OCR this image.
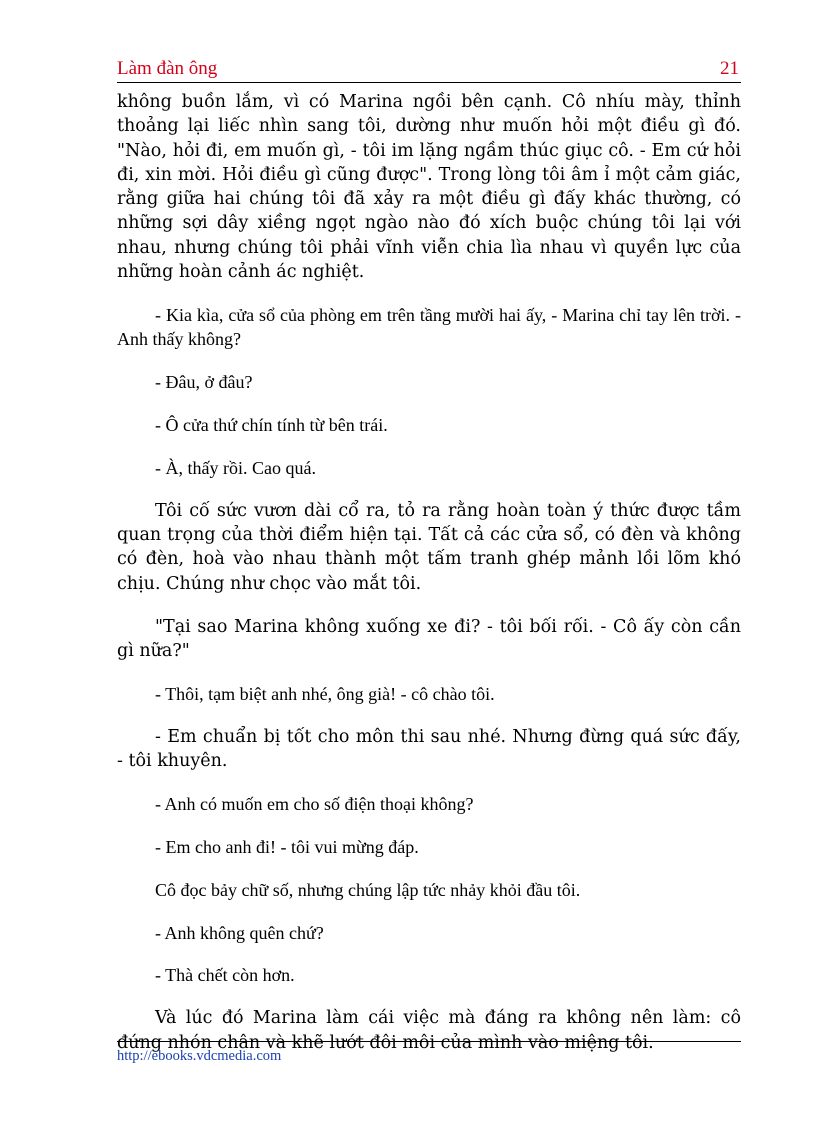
Làm đàn ông	21

không buồn lắm, vì có Marina ngồi bên cạnh. Cô nhíu mày, thỉnh thoảng lại liếc nhìn sang tôi, dường như muốn hỏi một điều gì đó. "Nào, hỏi đi, em muốn gì, - tôi im lặng ngầm thúc giục cô. - Em cứ hỏi đi, xin mời. Hỏi điều gì cũng được". Trong lòng tôi âm ỉ một cảm giác, rằng giữa hai chúng tôi đã xảy ra một điều gì đấy khác thường, có những sợi dây xiềng ngọt ngào nào đó xích buộc chúng tôi lại với nhau, nhưng chúng tôi phải vĩnh viễn chia lìa nhau vì quyền lực của những hoàn cảnh ác nghiệt.

- Kia kìa, cửa sổ của phòng em trên tầng mười hai ấy, - Marina chỉ tay lên trời. - Anh thấy không?

- Đâu, ở đâu?

- Ô cửa thứ chín tính từ bên trái.

- À, thấy rồi. Cao quá.

Tôi cố sức vươn dài cổ ra, tỏ ra rằng hoàn toàn ý thức được tầm quan trọng của thời điểm hiện tại. Tất cả các cửa sổ, có đèn và không có đèn, hoà vào nhau thành một tấm tranh ghép mảnh lồi lõm khó chịu. Chúng như chọc vào mắt tôi.

"Tại sao Marina không xuống xe đi? - tôi bối rối. - Cô ấy còn cần gì nữa?"

- Thôi, tạm biệt anh nhé, ông già! - cô chào tôi.

- Em chuẩn bị tốt cho môn thi sau nhé. Nhưng đừng quá sức đấy, - tôi khuyên.

- Anh có muốn em cho số điện thoại không?

- Em cho anh đi! - tôi vui mừng đáp.

Cô đọc bảy chữ số, nhưng chúng lập tức nhảy khỏi đầu tôi.

- Anh không quên chứ?

- Thà chết còn hơn.

Và lúc đó Marina làm cái việc mà đáng ra không nên làm: cô đứng nhón chân và khẽ lướt đôi môi của mình vào miệng tôi.

http://ebooks.vdcmedia.com
